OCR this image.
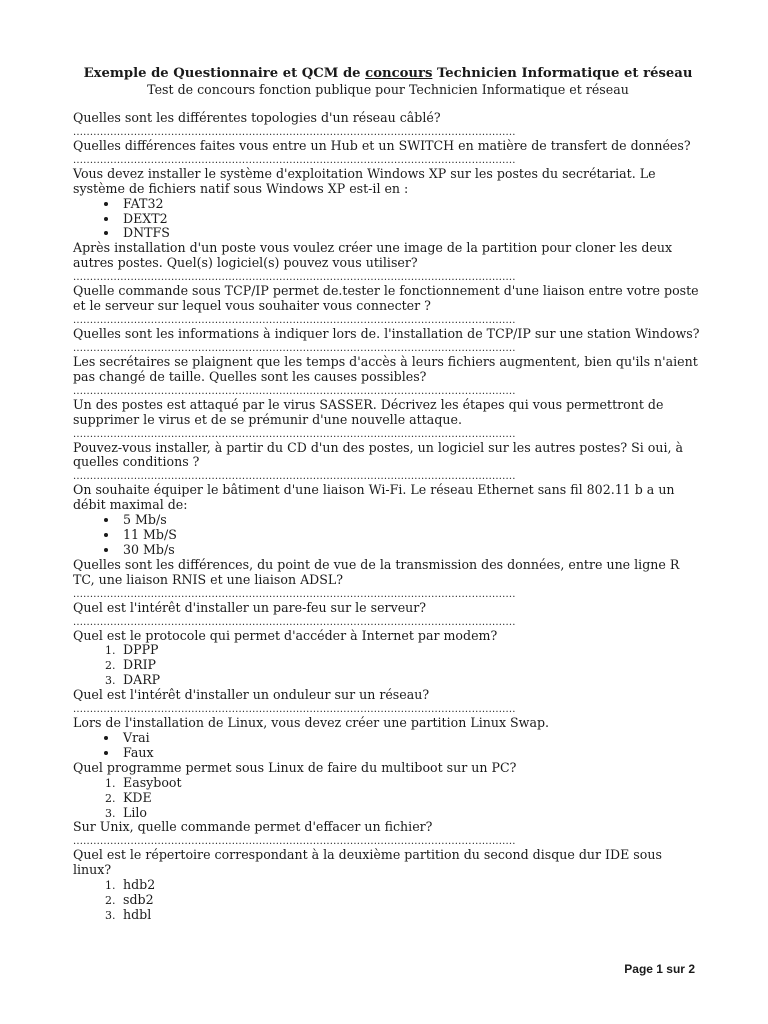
Exemple de Questionnaire et QCM de concours Technicien Informatique et réseau
Test de concours fonction publique pour Technicien Informatique et réseau
Quelles sont les différentes topologies d'un réseau câblé?
...................................................................................................................................
Quelles différences faites vous entre un Hub et un SWITCH en matière de transfert de données?
...................................................................................................................................
Vous devez installer le système d'exploitation Windows XP sur les postes du secrétariat. Le système de fichiers natif sous Windows XP est-il en :
• FAT32
• DEXT2
• DNTFS
Après installation d'un poste vous voulez créer une image de la partition pour cloner les deux autres postes. Quel(s) logiciel(s) pouvez vous utiliser?
...................................................................................................................................
Quelle commande sous TCP/IP permet de.tester le fonctionnement d'une liaison entre votre poste et le serveur sur lequel vous souhaiter vous connecter ?
...................................................................................................................................
Quelles sont les informations à indiquer lors de. l'installation de TCP/IP sur une station Windows?
...................................................................................................................................
Les secrétaires se plaignent que les temps d'accès à leurs fichiers augmentent, bien qu'ils n'aient pas changé de taille. Quelles sont les causes possibles?
...................................................................................................................................
Un des postes est attaqué par le virus SASSER. Décrivez les étapes qui vous permettront de supprimer le virus et de se prémunir d'une nouvelle attaque.
...................................................................................................................................
Pouvez-vous installer, à partir du CD d'un des postes, un logiciel sur les autres postes? Si oui, à quelles conditions ?
...................................................................................................................................
On souhaite équiper le bâtiment d'une liaison Wi-Fi. Le réseau Ethernet sans fil 802.11 b a un débit maximal de:
• 5 Mb/s
• 11 Mb/S
• 30 Mb/s
Quelles sont les différences, du point de vue de la transmission des données, entre une ligne R TC, une liaison RNIS et une liaison ADSL?
...................................................................................................................................
Quel est l'intérêt d'installer un pare-feu sur le serveur?
...................................................................................................................................
Quel est le protocole qui permet d'accéder à Internet par modem?
1. DPPP
2. DRIP
3. DARP
Quel est l'intérêt d'installer un onduleur sur un réseau?
...................................................................................................................................
Lors de l'installation de Linux, vous devez créer une partition Linux Swap.
• Vrai
• Faux
Quel programme permet sous Linux de faire du multiboot sur un PC?
1. Easyboot
2. KDE
3. Lilo
Sur Unix, quelle commande permet d'effacer un fichier?
...................................................................................................................................
Quel est le répertoire correspondant à la deuxième partition du second disque dur IDE sous linux?
1. hdb2
2. sdb2
3. hdbl
Page 1 sur 2
